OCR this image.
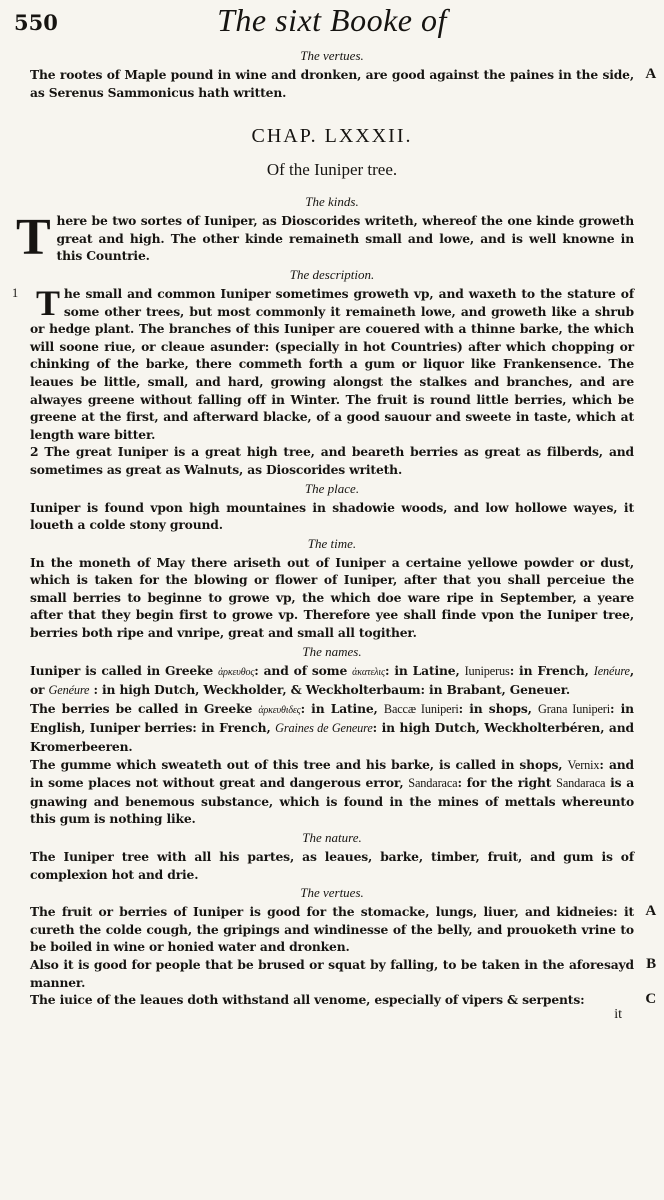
550	The sixt Booke of
The vertues.

A
The rootes of Maple pound in wine and dronken, are good against the paines in the side, as Serenus Sammonicus hath written.

CHAP. LXXXII.
Of the Iuniper tree.
The kinds.

There be two sortes of Iuniper, as Dioscorides writeth, whereof the one kinde groweth great and high. The other kinde remaineth small and lowe, and is well knowne in this Countrie.

The description.

1 T he small and common Iuniper sometimes groweth vp, and waxeth to the stature of some other trees, but most commonly it remaineth lowe, and groweth like a shrub or hedge plant. The branches of this Iuniper are couered with a thinne barke, the which will soone riue, or cleaue asunder: (specially in hot Countries) after which chopping or chinking of the barke, there commeth forth a gum or liquor like Frankensence. The leaues be little, small, and hard, growing alongst the stalkes and branches, and are alwayes greene without falling off in Winter. The fruit is round little berries, which be greene at the first, and afterward blacke, of a good sauour and sweete in taste, which at length ware bitter.

2 The great Iuniper is a great high tree, and beareth berries as great as filberds, and sometimes as great as Walnuts, as Dioscorides writeth.

The place.

Iuniper is found vpon high mountaines in shadowie woods, and low hollowe wayes, it loueth a colde stony ground.

The time.

In the moneth of May there ariseth out of Iuniper a certaine yellowe powder or dust, which is taken for the blowing or flower of Iuniper, after that you shall perceiue the small berries to beginne to growe vp, the which doe ware ripe in September, a yeare after that they begin first to growe vp. Therefore yee shall finde vpon the Iuniper tree, berries both ripe and vnripe, great and small all togither.

The names.

Iuniper is called in Greeke ἀρκευθος: and of some ἀκατελις: in Latine, Iuniperus: in French, Ienéure, or Genéure : in high Dutch, Weckholder, & Weckholterbaum: in Brabant, Geneuer.

The berries be called in Greeke ἀρκευθιδες: in Latine, Baccæ Iuniperi: in shops, Grana Iuniperi: in English, Iuniper berries: in French, Graines de Geneure: in high Dutch, Weckholterbéren, and Kromerbeeren.

The gumme which sweateth out of this tree and his barke, is called in shops, Vernix: and in some places not without great and dangerous error, Sandaraca: for the right Sandaraca is a gnawing and benemous substance, which is found in the mines of mettals whereunto this gum is nothing like.

The nature.

The Iuniper tree with all his partes, as leaues, barke, timber, fruit, and gum is of complexion hot and drie.

The vertues.

A
The fruit or berries of Iuniper is good for the stomacke, lungs, liuer, and kidneies: it cureth the colde cough, the gripings and windinesse of the belly, and prouoketh vrine to be boiled in wine or honied water and dronken.

B
Also it is good for people that be brused or squat by falling, to be taken in the aforesayd manner.

C
The iuice of the leaues doth withstand all venome, especially of vipers & serpents:

it
